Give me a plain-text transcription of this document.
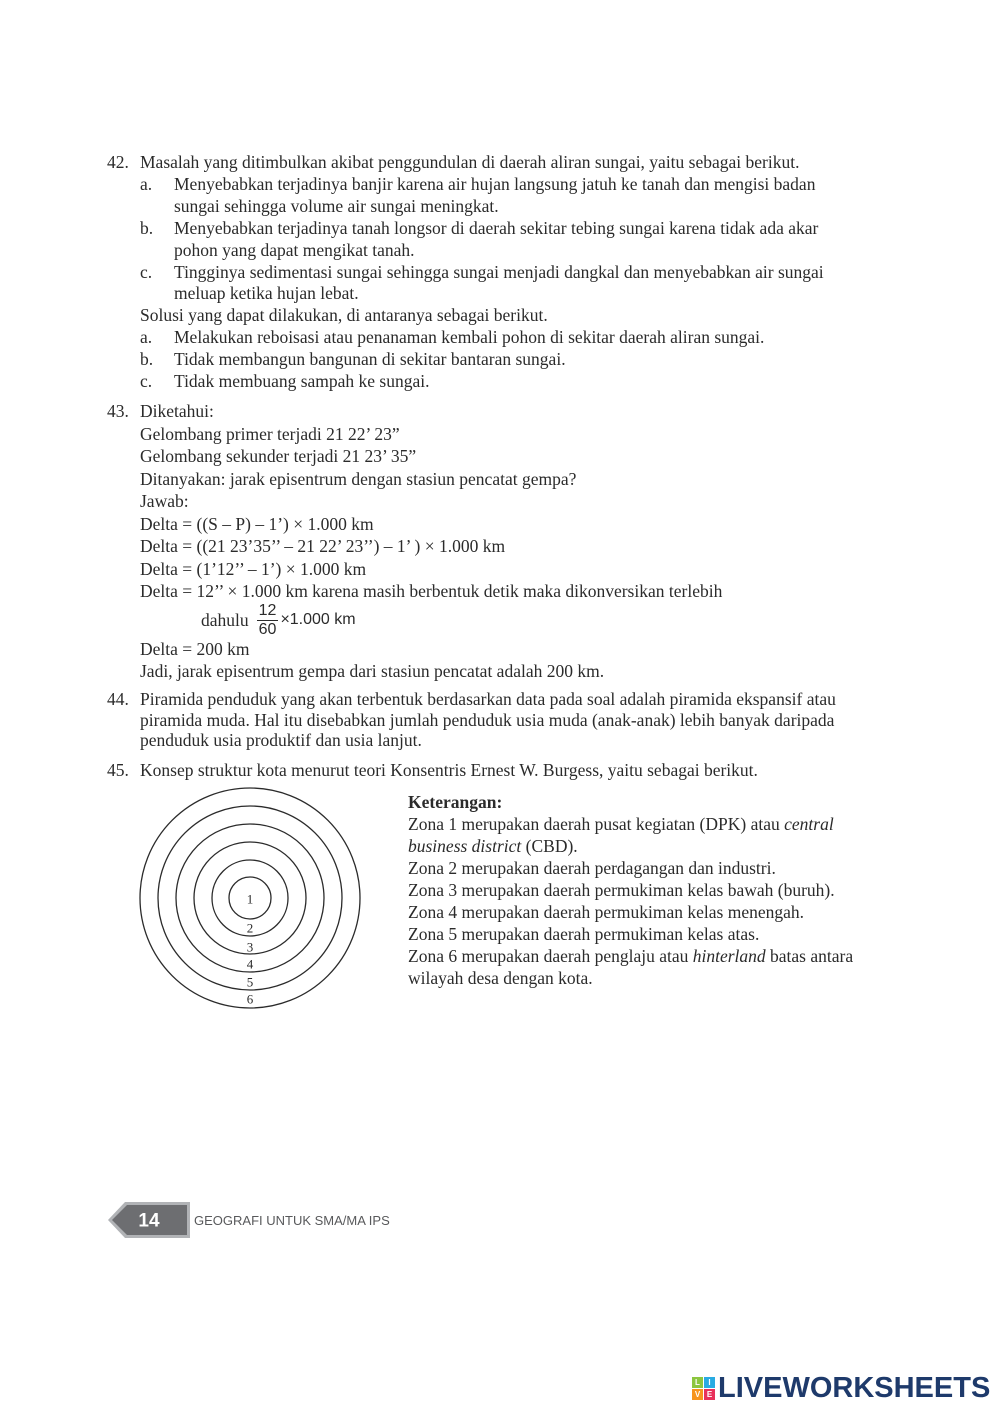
42. Masalah yang ditimbulkan akibat penggundulan di daerah aliran sungai, yaitu sebagai berikut.

a. Menyebabkan terjadinya banjir karena air hujan langsung jatuh ke tanah dan mengisi badan sungai sehingga volume air sungai meningkat.
b. Menyebabkan terjadinya tanah longsor di daerah sekitar tebing sungai karena tidak ada akar pohon yang dapat mengikat tanah.
c. Tingginya sedimentasi sungai sehingga sungai menjadi dangkal dan menyebabkan air sungai meluap ketika hujan lebat.

Solusi yang dapat dilakukan, di antaranya sebagai berikut.

a. Melakukan reboisasi atau penanaman kembali pohon di sekitar daerah aliran sungai.
b. Tidak membangun bangunan di sekitar bantaran sungai.
c. Tidak membuang sampah ke sungai.
43. Diketahui:

Gelombang primer terjadi 21 22’ 23”

Gelombang sekunder terjadi 21 23’ 35”

Ditanyakan: jarak episentrum dengan stasiun pencatat gempa?

Jawab:

Delta = ((S – P) – 1’) × 1.000 km

Delta = ((21 23’35’’ – 21 22’ 23’’) – 1’ ) × 1.000 km

Delta = (1’12’’ – 1’) × 1.000 km

Delta = 12’’ × 1.000 km karena masih berbentuk detik maka dikonversikan terlebih

dahulu $\frac{12}{60} \times 1.000$ km

Delta = 200 km

Jadi, jarak episentrum gempa dari stasiun pencatat adalah 200 km.

44. Piramida penduduk yang akan terbentuk berdasarkan data pada soal adalah piramida ekspansif atau piramida muda. Hal itu disebabkan jumlah penduduk usia muda (anak-anak) lebih banyak daripada penduduk usia produktif dan usia lanjut.

45. Konsep struktur kota menurut teori Konsentris Ernest W. Burgess, yaitu sebagai berikut.

1
2
3
4
5
6

Keterangan:

Zona 1 merupakan daerah pusat kegiatan (DPK) atau central business district (CBD).

Zona 2 merupakan daerah perdagangan dan industri.

Zona 3 merupakan daerah permukiman kelas bawah (buruh).

Zona 4 merupakan daerah permukiman kelas menengah.

Zona 5 merupakan daerah permukiman kelas atas.

Zona 6 merupakan daerah penglaju atau hinterland batas antara wilayah desa dengan kota.

14	GEOGRAFI UNTUK SMA/MA IPS
L	I
V E LIVEWORKSHEETS
